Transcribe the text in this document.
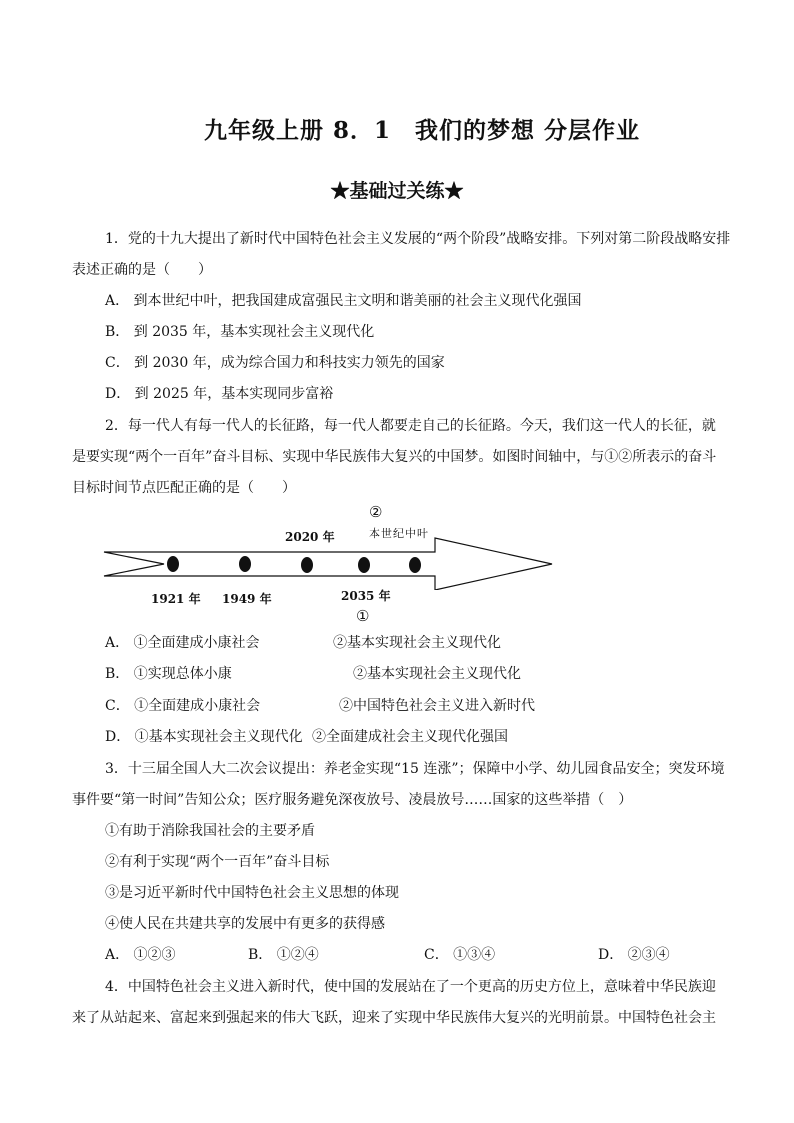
九年级上册 8．1　我们的梦想 分层作业
★基础过关练★
1．党的十九大提出了新时代中国特色社会主义发展的“两个阶段”战略安排。下列对第二阶段战略安排
表述正确的是（　　）
A． 到本世纪中叶，把我国建成富强民主文明和谐美丽的社会主义现代化强国
B． 到 2035 年，基本实现社会主义现代化
C． 到 2030 年，成为综合国力和科技实力领先的国家
D． 到 2025 年，基本实现同步富裕
2．每一代人有每一代人的长征路，每一代人都要走自己的长征路。今天，我们这一代人的长征，就
是要实现“两个一百年”奋斗目标、实现中华民族伟大复兴的中国梦。如图时间轴中，与①②所表示的奋斗
目标时间节点匹配正确的是（　　）
②
2020 年	本世纪中叶
1921 年 1949 年	2035 年
①
A． ①全面建成小康社会	②基本实现社会主义现代化
B． ①实现总体小康	②基本实现社会主义现代化
C． ①全面建成小康社会	②中国特色社会主义进入新时代
D． ①基本实现社会主义现代化 ②全面建成社会主义现代化强国
3．十三届全国人大二次会议提出：养老金实现“15 连涨”；保障中小学、幼儿园食品安全；突发环境
事件要“第一时间”告知公众；医疗服务避免深夜放号、凌晨放号……国家的这些举措（　）
①有助于消除我国社会的主要矛盾
②有利于实现“两个一百年”奋斗目标
③是习近平新时代中国特色社会主义思想的体现
④使人民在共建共享的发展中有更多的获得感
A． ①②③	B． ①②④	C． ①③④	D． ②③④
4．中国特色社会主义进入新时代，使中国的发展站在了一个更高的历史方位上，意味着中华民族迎
来了从站起来、富起来到强起来的伟大飞跃，迎来了实现中华民族伟大复兴的光明前景。中国特色社会主
